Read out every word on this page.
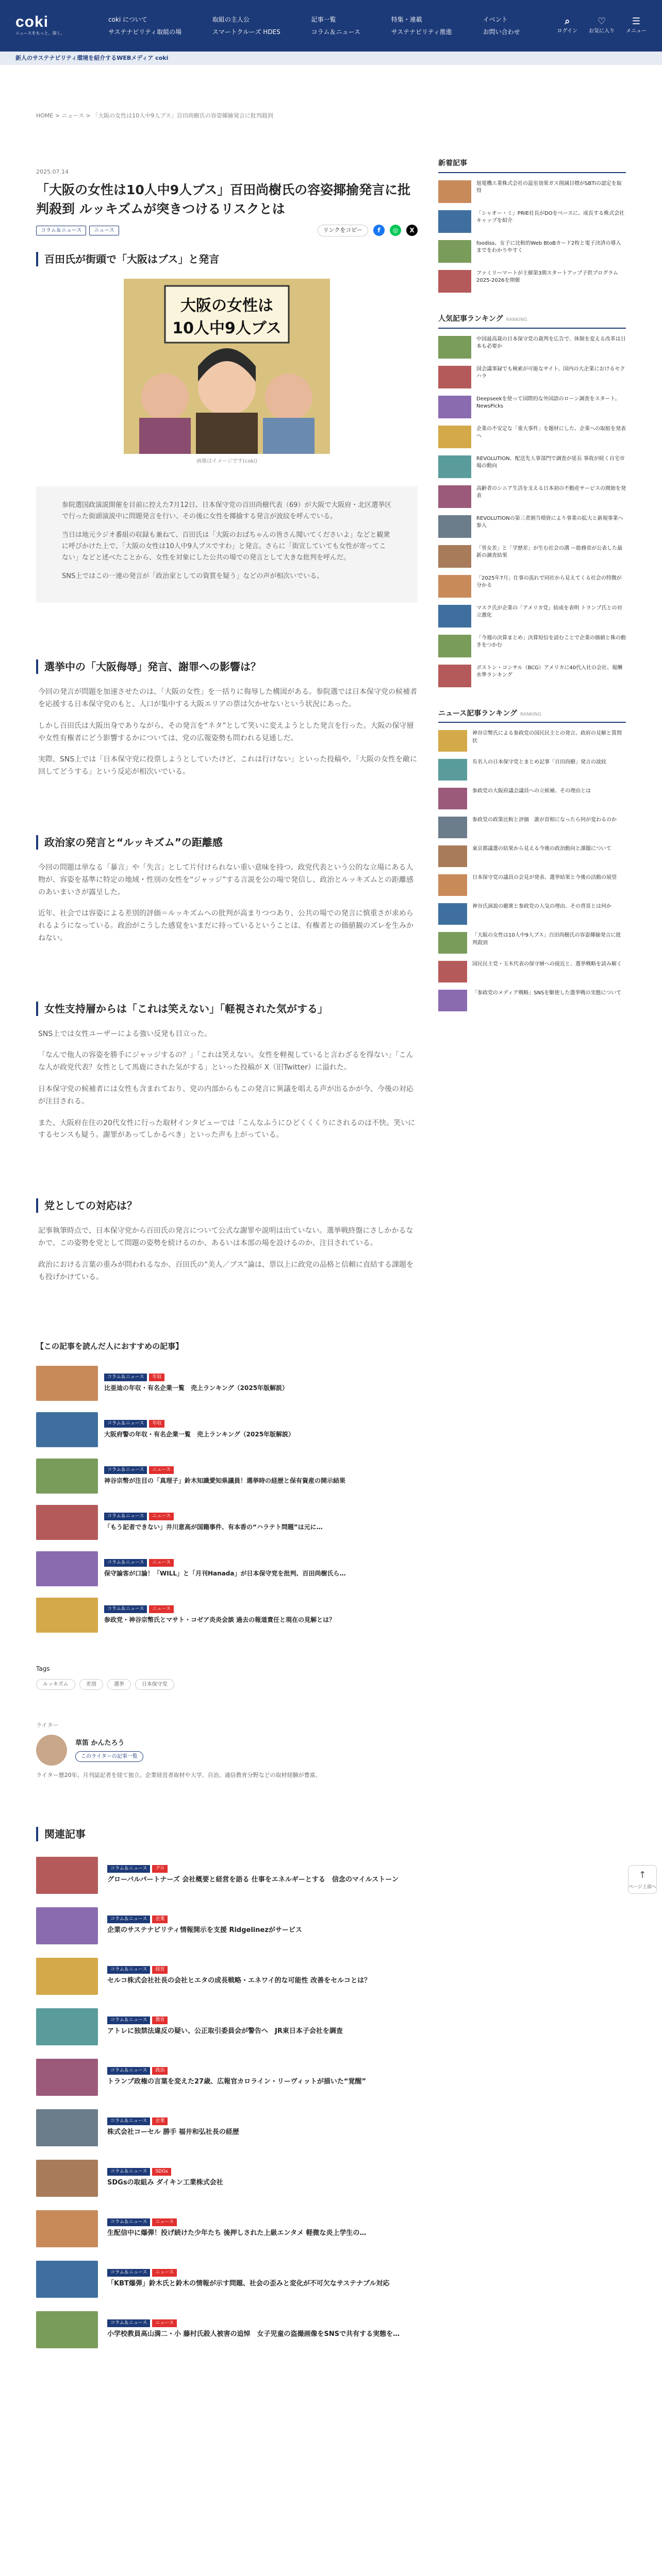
coki
ニュースをもっと、深く。
coki について	取組の主人公	記事一覧	特集・連載	イベント
サステナビリティ取組の場	スマートクルーズ HDES	コラム＆ニュース	サステナビリティ推進	お問い合わせ
⌕
ログイン
♡
お気に入り
☰
メニュー
新人のサステナビリティ環境を紹介するWEBメディア coki
HOME > ニュース > 「大阪の女性は10人中9人ブス」百田尚樹氏の容姿揶揄発言に批判殺到
2025.07.14
「大阪の女性は10人中9人ブス」百田尚樹氏の容姿揶揄発言に批判殺到 ルッキズムが突きつけるリスクとは
コラム＆ニュース	ニュース	リンクをコピー	f	◎	X
百田氏が街頭で「大阪はブス」と発言
大阪の女性は
10人中9人ブス
画像はイメージです(coki)

参院選国政演説開催を目前に控えた7月12日、日本保守党の百田尚樹代表（69）が大阪で大阪府・北区選挙区で行った街頭演説中に問題発言を行い、その後に女性を揶揄する発言が波紋を呼んでいる。

当日は地元ラジオ番組の収録も兼ねて、百田氏は「大阪のおばちゃんの皆さん聞いてくださいよ」などと観衆に呼びかけた上で、「大阪の女性は10人中9人ブスですわ」と発言。さらに「街宣していても女性が寄ってこない」などと述べたことから、女性を対象にした公共の場での発言として大きな批判を呼んだ。

SNS上ではこの一連の発言が「政治家としての資質を疑う」などの声が相次いでいる。

選挙中の「大阪侮辱」発言、謝罪への影響は？

今回の発言が問題を加速させたのは、「大阪の女性」を一括りに侮辱した構図がある。参院選では日本保守党の候補者を応援する日本保守党のもと、人口が集中する大阪エリアの票は欠かせないという状況にあった。

しかし百田氏は大阪出身でありながら、その発言を“ネタ”として笑いに変えようとした発言を行った。大阪の保守層や女性有権者にどう影響するかについては、党の広報姿勢も問われる見通しだ。

実際、SNS上では「日本保守党に投票しようとしていたけど、これは行けない」といった投稿や、「大阪の女性を敵に回してどうする」という反応が相次いでいる。

政治家の発言と“ルッキズム”の距離感

今回の問題は単なる「暴言」や「失言」として片付けられない重い意味を持つ。政党代表という公的な立場にある人物が、容姿を基準に特定の地域・性別の女性を“ジャッジ”する言説を公の場で発信し、政治とルッキズムとの距離感のあいまいさが露呈した。

近年、社会では容姿による差別的評価＝ルッキズムへの批判が高まりつつあり、公共の場での発言に慎重さが求められるようになっている。政治がこうした感覚をいまだに持っているということは、有権者との価値観のズレを生みかねない。

女性支持層からは「これは笑えない」「軽視された気がする」

SNS上では女性ユーザーによる強い反発も目立った。

「なんで他人の容姿を勝手にジャッジするの？」「これは笑えない。女性を軽視していると言わざるを得ない」「こんな人が政党代表？女性として馬鹿にされた気がする」といった投稿が X（旧Twitter）に溢れた。

日本保守党の候補者には女性も含まれており、党の内部からもこの発言に異議を唱える声が出るかが今、今後の対応が注目される。

また、大阪府在住の20代女性に行った取材インタビューでは「こんなふうにひどくくくりにされるのは不快。笑いにするセンスも疑う。謝罪があってしかるべき」といった声も上がっている。

党としての対応は？

記事執筆時点で、日本保守党から百田氏の発言について公式な謝罪や説明は出ていない。選挙戦終盤にさしかかるなかで、この姿勢を党として問題の姿勢を続けるのか、あるいは本部の場を設けるのか、注目されている。

政治における言葉の重みが問われるなか、百田氏の“美人／ブス”論は、票以上に政党の品格と信頼に直結する課題をも投げかけている。

【この記事を読んだ人におすすめの記事】
コラム＆ニュース	年収
比亜迪の年収・有名企業一覧　売上ランキング（2025年版解説）
コラム＆ニュース	年収
大阪府警の年収・有名企業一覧　売上ランキング（2025年版解説）
コラム＆ニュース	ニュース
神谷宗幣が注目の「真理子」鈴木知識愛知県議員！選挙時の経歴と保有資産の開示結果
コラム＆ニュース	ニュース
「もう記者できない」井川意高が国籍事件、有本香の“ハラテト問題”は元に…
コラム＆ニュース	ニュース
保守論客が口論！「WILL」と「月刊Hanada」が日本保守党を批判、百田尚樹氏ら…
コラム＆ニュース	ニュース
参政党・神谷宗幣氏とマサト・コゼア炎炎会談 過去の報道責任と現在の見解とは？
Tags
ルッキズム	差別	選挙	日本保守党
ライター
草笛 かんたろう
このライターの記事一覧
ライター歴20年。月刊誌記者を経て独立。企業経営者取材や大学、自治、通信教育分野などの取材経験が豊富。
関連記事
コラム＆ニュース	グロ
グローバルパートナーズ 会社概要と経営を語る 仕事をエネルギーとする　信念のマイルストーン
コラム＆ニュース	企業
企業のサステナビリティ情報開示を支援 Ridgelinezがサービス
コラム＆ニュース	経営
セルコ株式会社社長の会社ヒエタの成長戦略・エネワイ的な可能性 改善をセルコとは？
コラム＆ニュース	教育
アトレに独禁法違反の疑い、公正取引委員会が警告へ　JR東日本子会社を調査
コラム＆ニュース	政治
トランプ政権の言葉を変えた27歳、広報官カロライン・リーヴィットが描いた“覚醒”
コラム＆ニュース	企業
株式会社コーセル 勝手 福井和弘社長の経歴
コラム＆ニュース	SDGs
SDGsの取組み ダイキン工業株式会社
コラム＆ニュース	ニュース
生配信中に爆弾！投げ続けた少年たち 後押しされた上級エンタメ 軽微な炎上学生の…
コラム＆ニュース	ニュース
「KBT爆弾」鈴木氏と鈴木の情報が示す問題、社会の歪みと変化が不可欠なサステナブル対応
コラム＆ニュース	ニュース
小学校教員高山満二・小 藤村氏殺人被害の追悼　女子児童の盗撮画像をSNSで共有する実態を…
新着記事
旭電機エ業株式会社の温室効果ガス削減目標がSBTiの認定を取得
「シャオー・ミ」PRIE社長がDOをベースに、成長する株式会社キャップを紹介
foodiss、女子に比較的Web BtoBカード2枚と電子決済の導入までをわかりやすく
ファミリーマートが主催第3期スタートアップ子供プログラム2025-2026を開催
人気記事ランキング RANKING
中国最高裁の日本保守党の裁判を広告で、体制を変える改革は日本も必要か
国会議事録でも検索が可能なサイト、国内の大企業におけるセクハラ
Deepseekを使って国際的な外国語のローン調査をスタート。NewsPicks
企業の不安定な「重大事件」を題材にした、企業への取組を発表へ
REVOLUTION、配送先人事部門で調査が延長 事故が続く自宅市場の動向
高齢者のシニア生活を支える日本初の不動産サービスの開始を発表
REVOLUTIONの第三者割当増資により事業の拡大と新規事業へ参入
「男女差」と「学歴差」が生む社会の溝 ー総務省が公表した最新の調査結果
「2025年7月」仕事の流れで同社から見えてくる社会の特徴が分かる
マスク氏が企業の「アメリカ党」結成を表明 トランプ氏との対立激化
「今週の決算まとめ」決算短信を読むことで企業の価値と株の動きをつかむ
ボストン・コンサル（BCG）アメリカに40代入社の会社、報酬水準ランキング
ニュース記事ランキング RANKING
神谷宗幣氏による参政党の国民民主との発言、政府の見解と質問状
有名人の日本保守党とまとめ記事「百田尚樹」発言の波紋
参政党の大阪府議会議員への立候補、その理由とは
参政党の政策比較と評価　誰が首相になったら何が変わるのか
東京都議選の結果から見える今後の政治動向と課題について
日本保守党の議員の会見が発表、選挙結果と今後の活動の展望
神谷氏演説の聴衆と参政党の人気の理由、その背景とは何か
「大阪の女性は10人中9人ブス」百田尚樹氏の容姿揶揄発言に批判殺到
国民民主党・玉木代表の保守層への接近と、選挙戦略を読み解く
「参政党のメディア戦略」SNSを駆使した選挙戦の実態について
↑
ページ上部へ
